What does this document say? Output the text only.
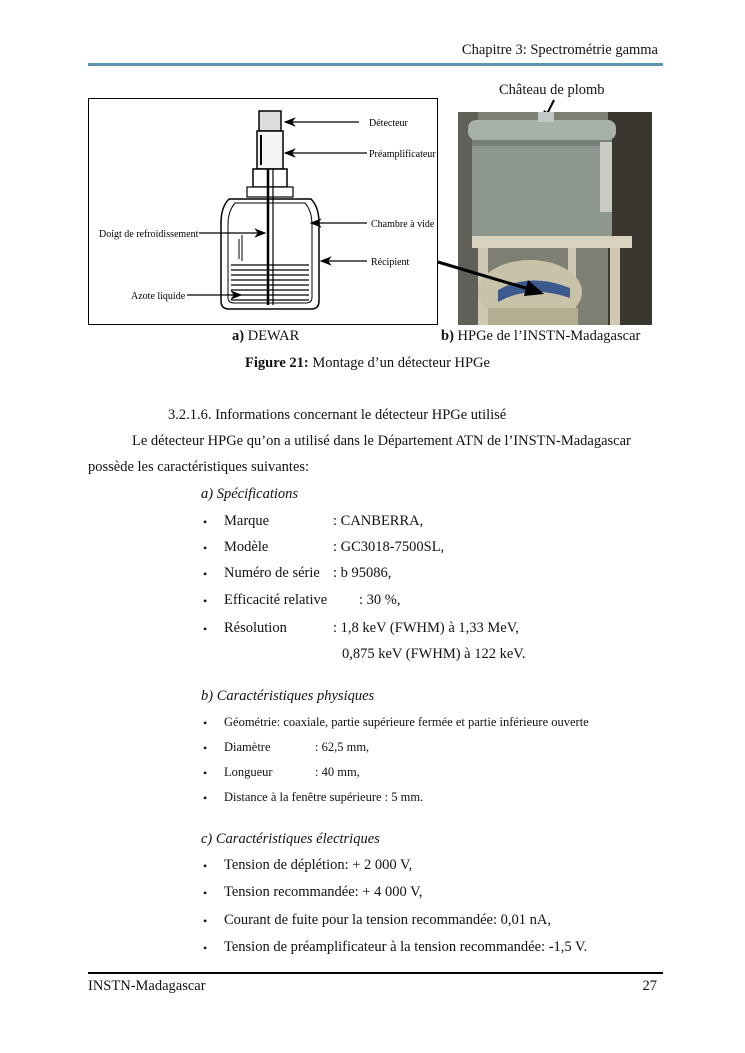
Chapitre 3: Spectrométrie gamma
Détecteur
Préamplificateur
Chambre à vide
Récipient
Doigt de refroidissement
Azote liquide
Château de plomb
a) DEWAR	b) HPGe de l’INSTN-Madagascar
Figure 21: Montage d’un détecteur HPGe
3.2.1.6. Informations concernant le détecteur HPGe utilisé
Le détecteur HPGe qu’on a utilisé dans le Département ATN de l’INSTN-Madagascar
possède les caractéristiques suivantes:
a) Spécifications
• Marque	: CANBERRA,
• Modèle	: GC3018-7500SL,
• Numéro de série : b 95086,
• Efficacité relative : 30 %,
• Résolution	: 1,8 keV (FWHM) à 1,33 MeV,
0,875 keV (FWHM) à 122 keV.
b) Caractéristiques physiques
• Géométrie: coaxiale, partie supérieure fermée et partie inférieure ouverte
• Diamètre	: 62,5 mm,
• Longueur	: 40 mm,
• Distance à la fenêtre supérieure : 5 mm.
c) Caractéristiques électriques
• Tension de déplétion: + 2 000 V,
• Tension recommandée: + 4 000 V,
• Courant de fuite pour la tension recommandée: 0,01 nA,
• Tension de préamplificateur à la tension recommandée: -1,5 V.
INSTN-Madagascar	27
